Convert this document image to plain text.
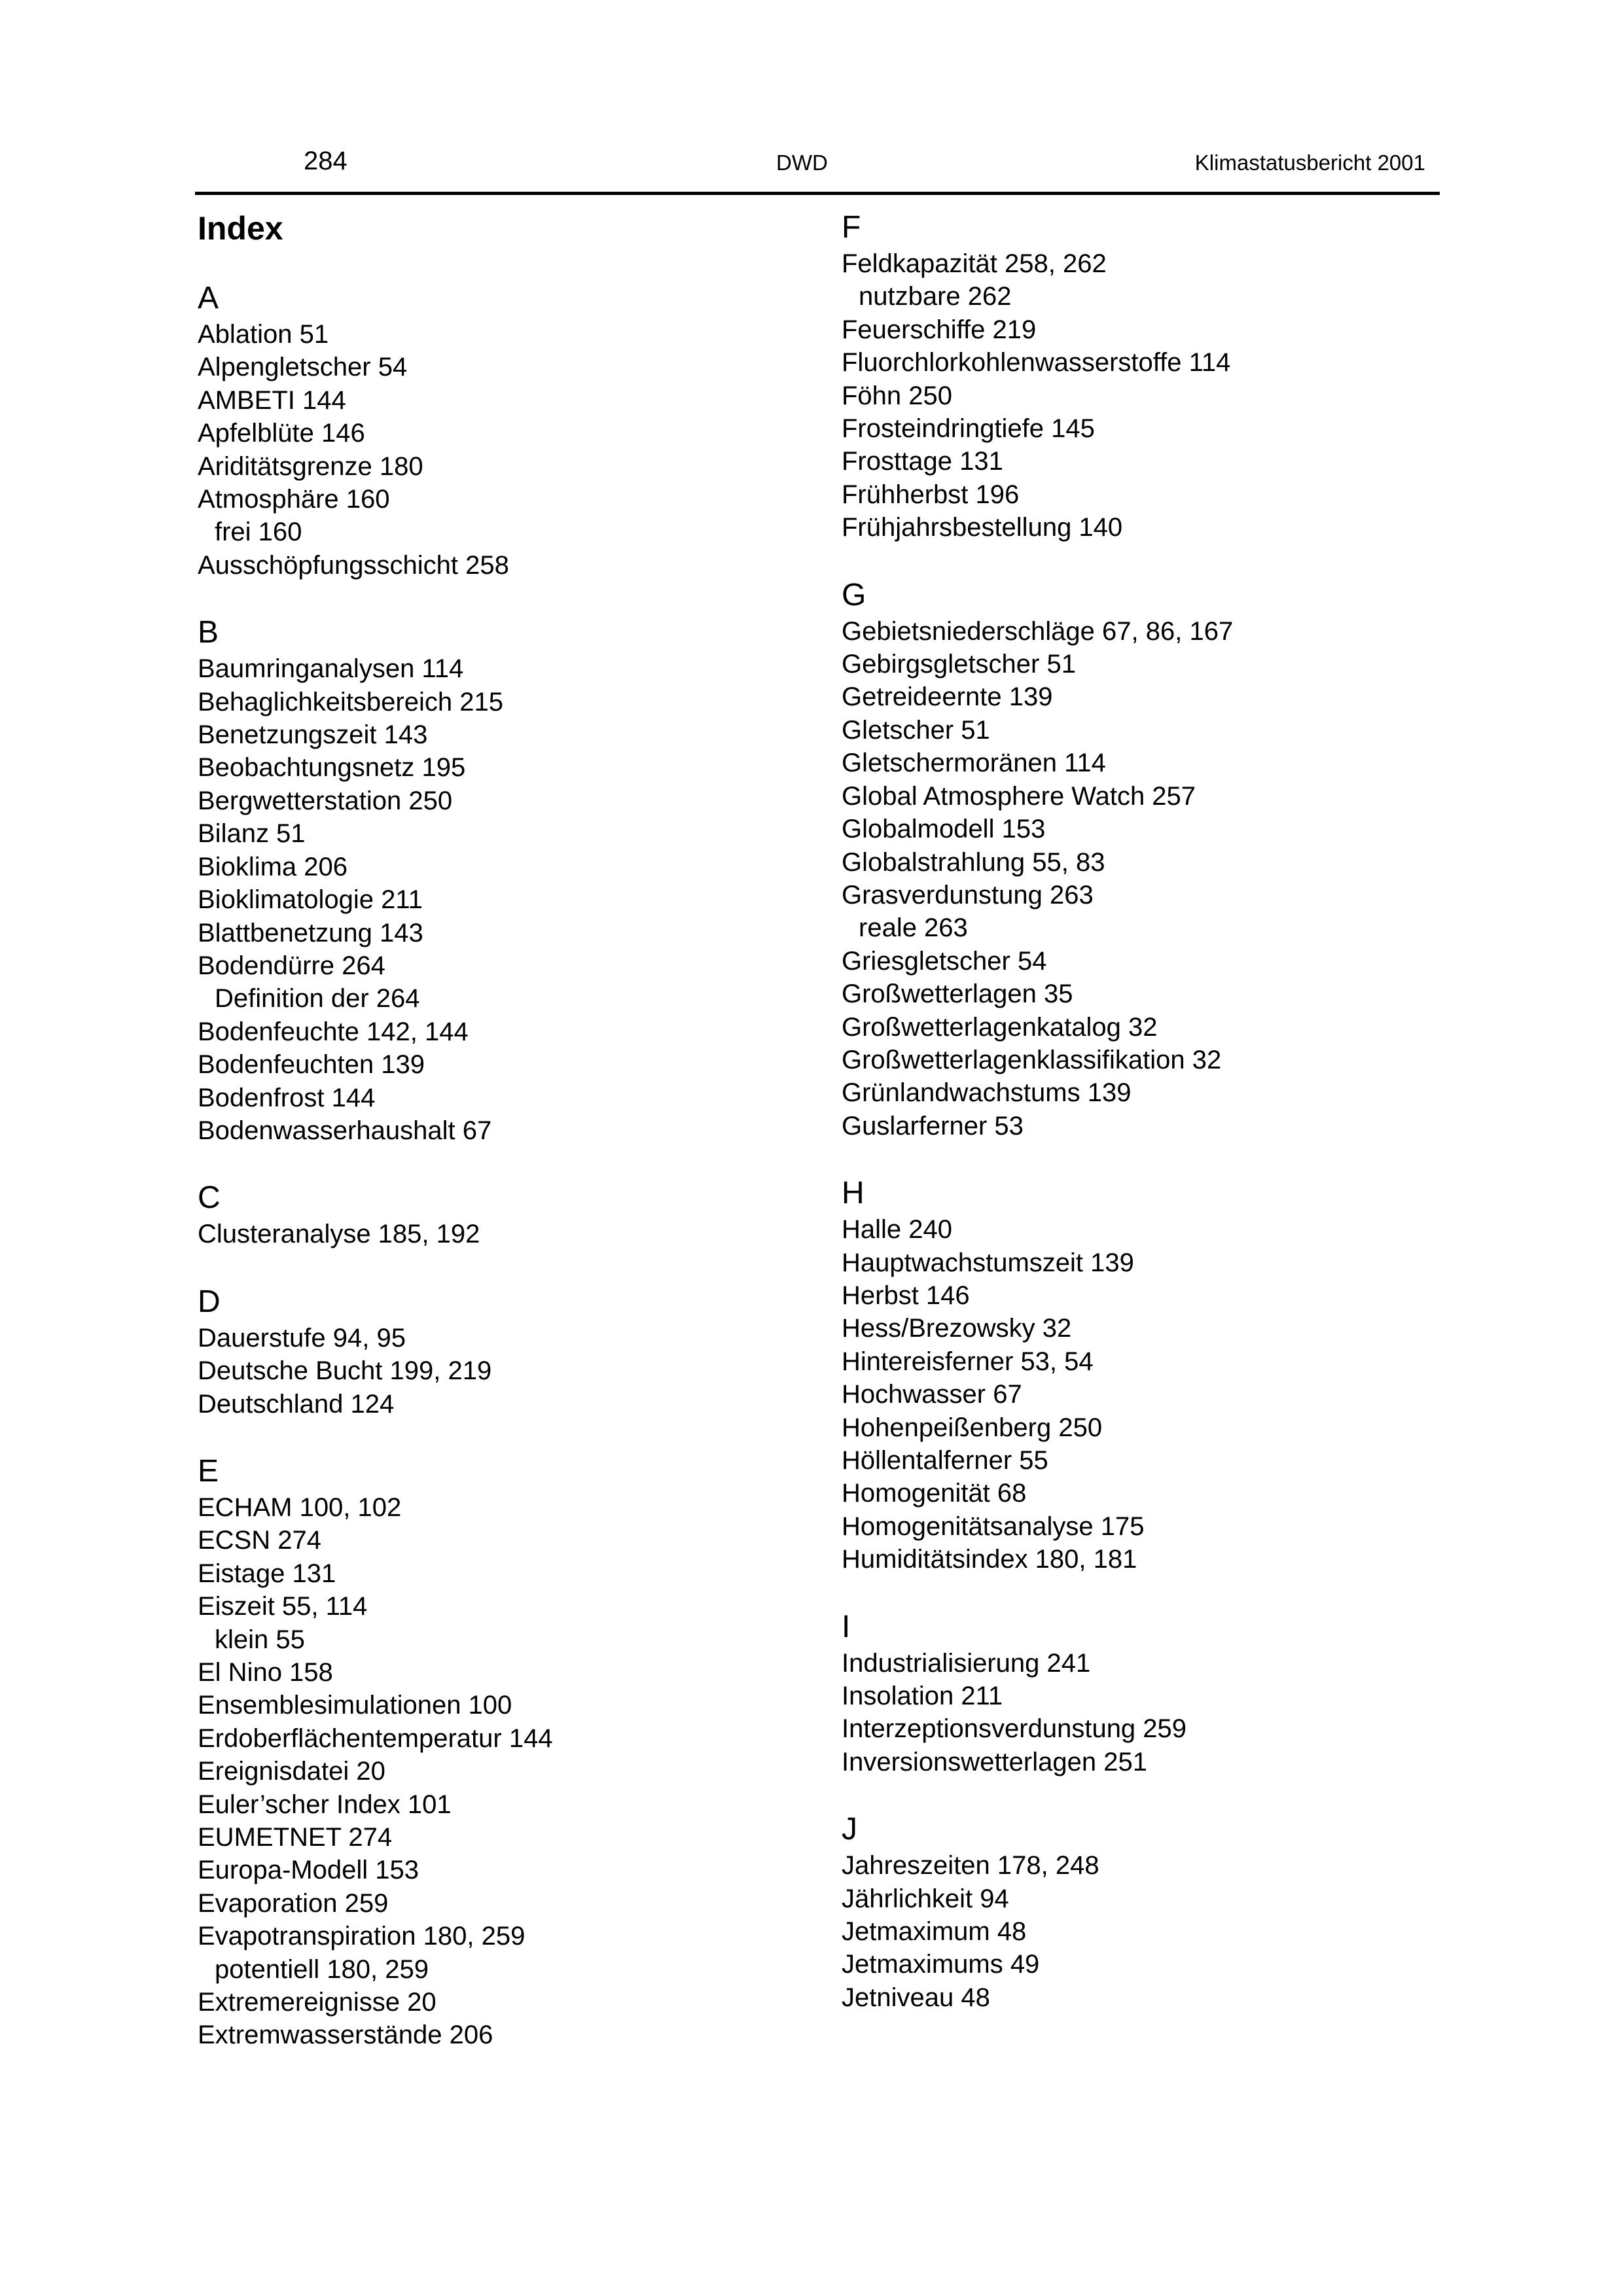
284	DWD	Klimastatusbericht 2001
Index
A
Ablation 51
Alpengletscher 54
AMBETI 144
Apfelblüte 146
Ariditätsgrenze 180
Atmosphäre 160
frei 160
Ausschöpfungsschicht 258
B
Baumringanalysen 114
Behaglichkeitsbereich 215
Benetzungszeit 143
Beobachtungsnetz 195
Bergwetterstation 250
Bilanz 51
Bioklima 206
Bioklimatologie 211
Blattbenetzung 143
Bodendürre 264
Definition der 264
Bodenfeuchte 142, 144
Bodenfeuchten 139
Bodenfrost 144
Bodenwasserhaushalt 67
C
Clusteranalyse 185, 192
D
Dauerstufe 94, 95
Deutsche Bucht 199, 219
Deutschland 124
E
ECHAM 100, 102
ECSN 274
Eistage 131
Eiszeit 55, 114
klein 55
El Nino 158
Ensemblesimulationen 100
Erdoberflächentemperatur 144
Ereignisdatei 20
Euler’scher Index 101
EUMETNET 274
Europa-Modell 153
Evaporation 259
Evapotranspiration 180, 259
potentiell 180, 259
Extremereignisse 20
Extremwasserstände 206
F
Feldkapazität 258, 262
nutzbare 262
Feuerschiffe 219
Fluorchlorkohlenwasserstoffe 114
Föhn 250
Frosteindringtiefe 145
Frosttage 131
Frühherbst 196
Frühjahrsbestellung 140
G
Gebietsniederschläge 67, 86, 167
Gebirgsgletscher 51
Getreideernte 139
Gletscher 51
Gletschermoränen 114
Global Atmosphere Watch 257
Globalmodell 153
Globalstrahlung 55, 83
Grasverdunstung 263
reale 263
Griesgletscher 54
Großwetterlagen 35
Großwetterlagenkatalog 32
Großwetterlagenklassifikation 32
Grünlandwachstums 139
Guslarferner 53
H
Halle 240
Hauptwachstumszeit 139
Herbst 146
Hess/Brezowsky 32
Hintereisferner 53, 54
Hochwasser 67
Hohenpeißenberg 250
Höllentalferner 55
Homogenität 68
Homogenitätsanalyse 175
Humiditätsindex 180, 181
I
Industrialisierung 241
Insolation 211
Interzeptionsverdunstung 259
Inversionswetterlagen 251
J
Jahreszeiten 178, 248
Jährlichkeit 94
Jetmaximum 48
Jetmaximums 49
Jetniveau 48
